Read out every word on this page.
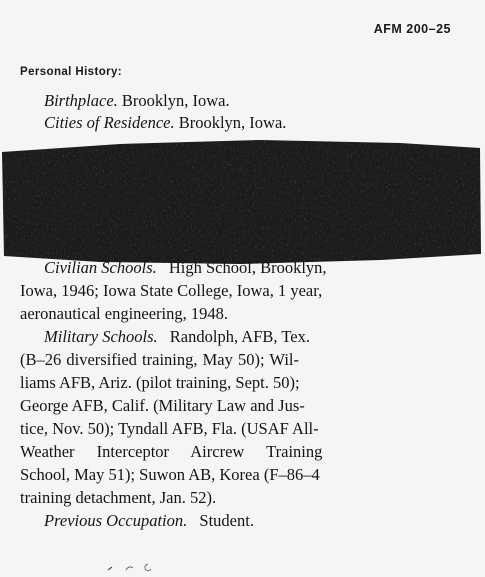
AFM 200–25
Personal History:
Birthplace. Brooklyn, Iowa.
Cities of Residence. Brooklyn, Iowa.
Civilian Schools. High School, Brooklyn,
Iowa, 1946; Iowa State College, Iowa, 1 year,
aeronautical engineering, 1948.
Military Schools. Randolph, AFB, Tex.
(B–26 diversified training, May 50); Wil-
liams AFB, Ariz. (pilot training, Sept. 50);
George AFB, Calif. (Military Law and Jus-
tice, Nov. 50); Tyndall AFB, Fla. (USAF All-
Weather Interceptor Aircrew Training
School, May 51); Suwon AB, Korea (F–86–4
training detachment, Jan. 52).
Previous Occupation. Student.
